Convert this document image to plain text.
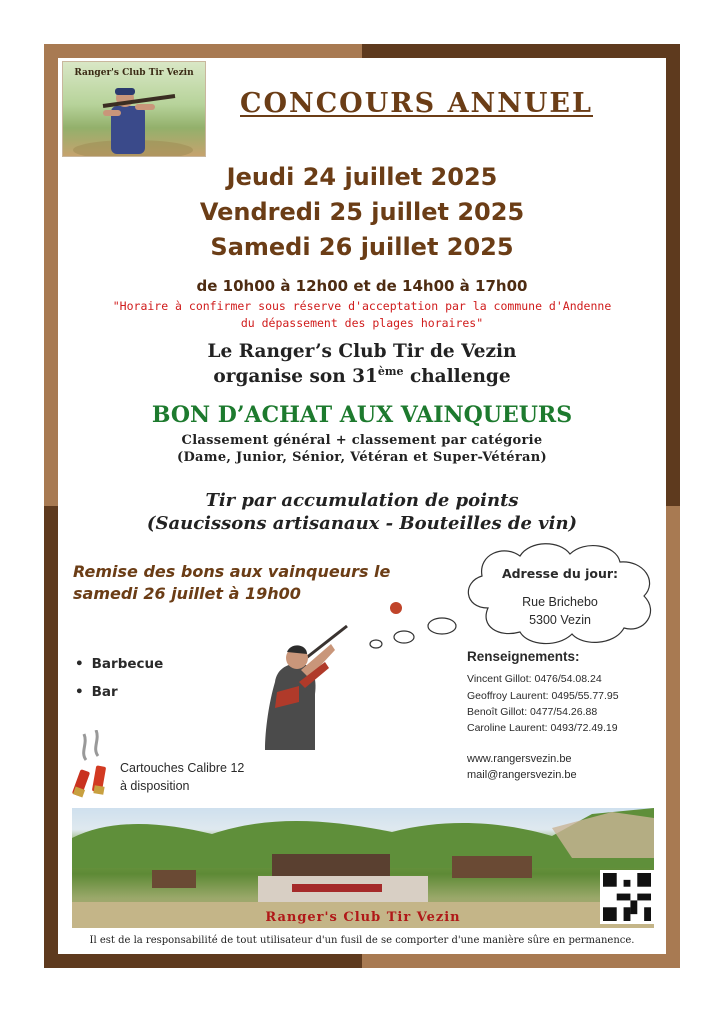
Ranger's Club Tir Vezin
CONCOURS ANNUEL
Jeudi 24 juillet 2025
Vendredi 25 juillet 2025
Samedi 26 juillet 2025
de 10h00 à 12h00 et de 14h00 à 17h00
"Horaire à confirmer sous réserve d'acceptation par la commune d'Andenne
du dépassement des plages horaires"
Le Ranger’s Club Tir de Vezin
organise son 31ème challenge
BON D’ACHAT AUX VAINQUEURS
Classement général + classement par catégorie
(Dame, Junior, Sénior, Vétéran et Super-Vétéran)
Tir par accumulation de points
(Saucissons artisanaux - Bouteilles de vin)
Remise des bons aux vainqueurs le
samedi 26 juillet à 19h00
Adresse du jour:
Rue Brichebo
5300 Vezin
• Barbecue
• Bar
Renseignements:
Vincent Gillot: 0476/54.08.24
Geoffroy Laurent: 0495/55.77.95
Benoît Gillot: 0477/54.26.88
Caroline Laurent: 0493/72.49.19
www.rangersvezin.be
mail@rangersvezin.be
Cartouches Calibre 12
à disposition
Ranger's Club Tir Vezin
Il est de la responsabilité de tout utilisateur d'un fusil de se comporter d'une manière sûre en permanence.
